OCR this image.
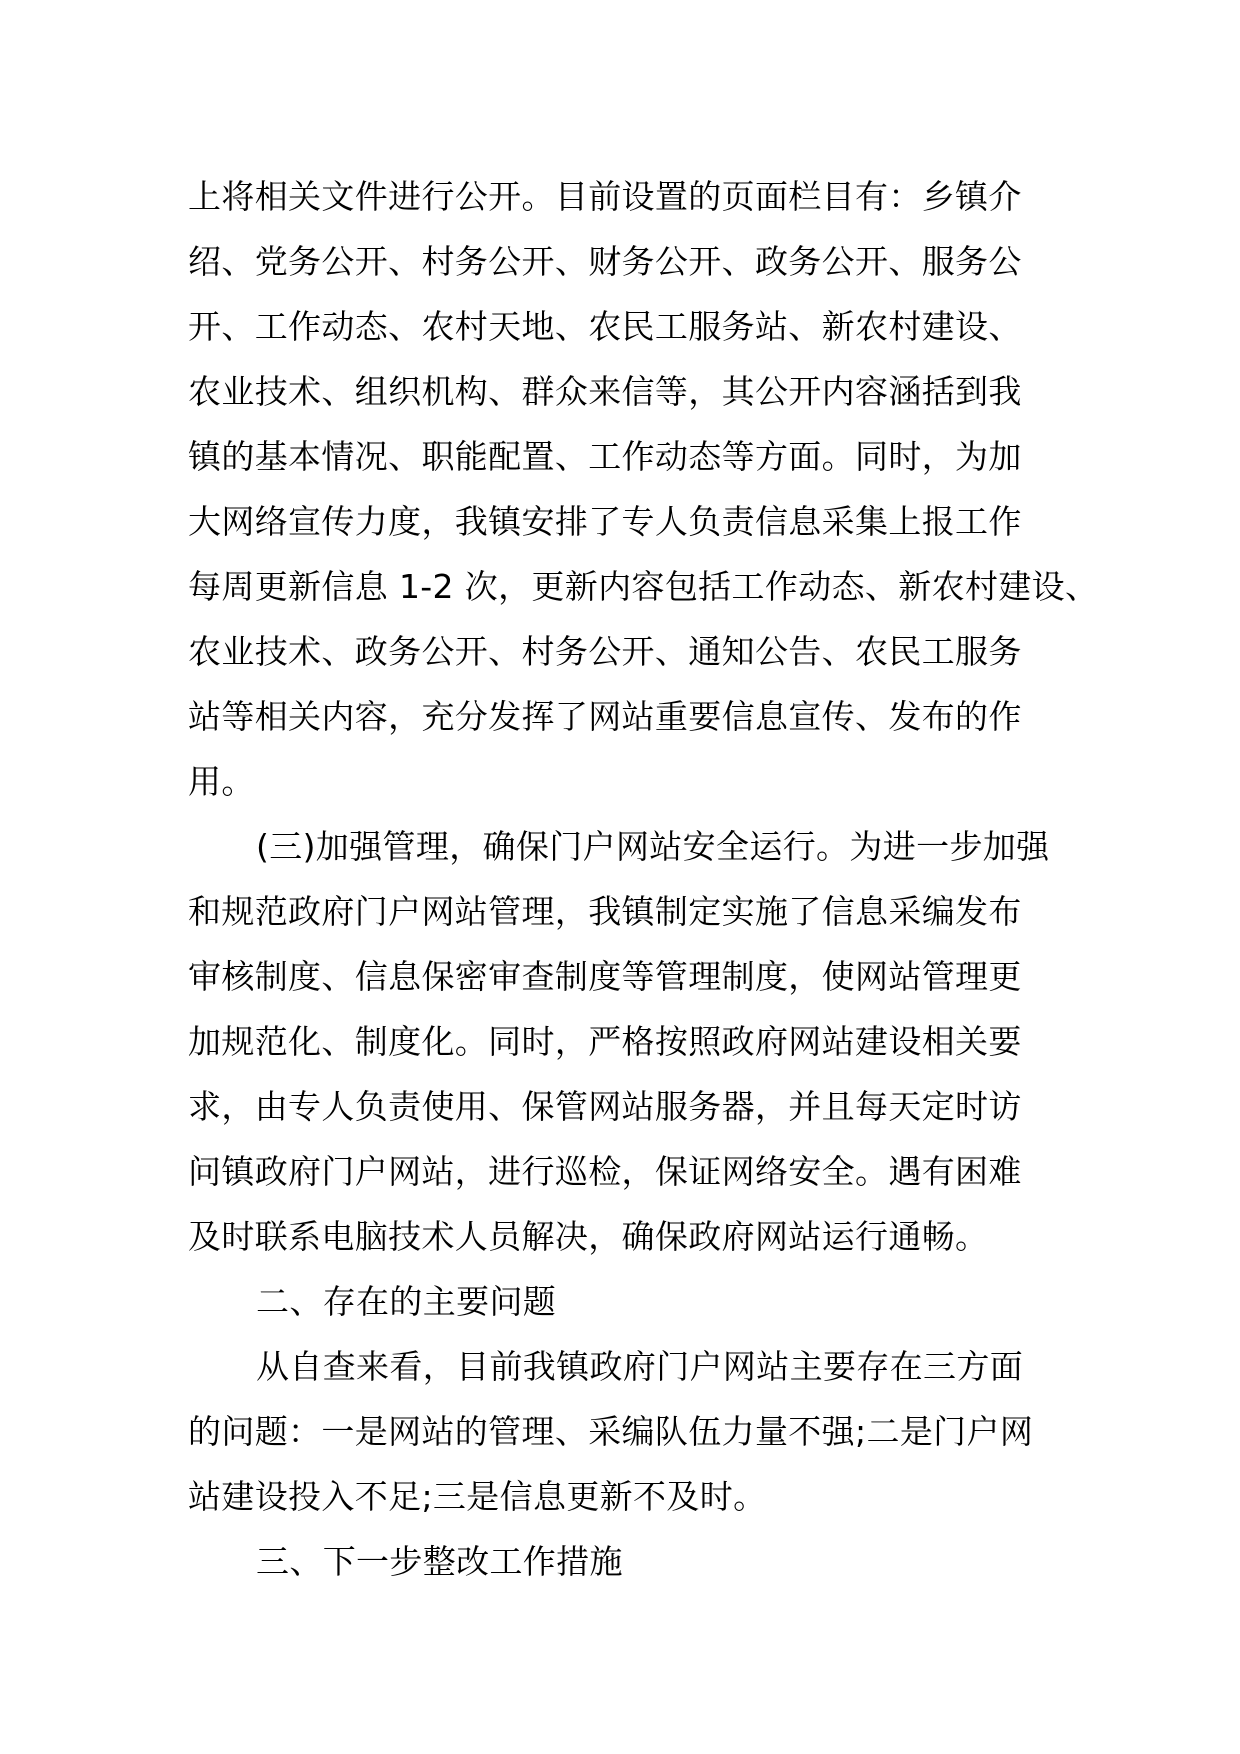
上将相关文件进行公开。目前设置的页面栏目有：乡镇介
绍、党务公开、村务公开、财务公开、政务公开、服务公
开、工作动态、农村天地、农民工服务站、新农村建设、
农业技术、组织机构、群众来信等，其公开内容涵括到我
镇的基本情况、职能配置、工作动态等方面。同时，为加
大网络宣传力度，我镇安排了专人负责信息采集上报工作
每周更新信息 1-2 次，更新内容包括工作动态、新农村建设、
农业技术、政务公开、村务公开、通知公告、农民工服务
站等相关内容，充分发挥了网站重要信息宣传、发布的作
用。
(三)加强管理，确保门户网站安全运行。为进一步加强
和规范政府门户网站管理，我镇制定实施了信息采编发布
审核制度、信息保密审查制度等管理制度，使网站管理更
加规范化、制度化。同时，严格按照政府网站建设相关要
求，由专人负责使用、保管网站服务器，并且每天定时访
问镇政府门户网站，进行巡检，保证网络安全。遇有困难
及时联系电脑技术人员解决，确保政府网站运行通畅。
二、存在的主要问题
从自查来看，目前我镇政府门户网站主要存在三方面
的问题：一是网站的管理、采编队伍力量不强;二是门户网
站建设投入不足;三是信息更新不及时。
三、下一步整改工作措施
